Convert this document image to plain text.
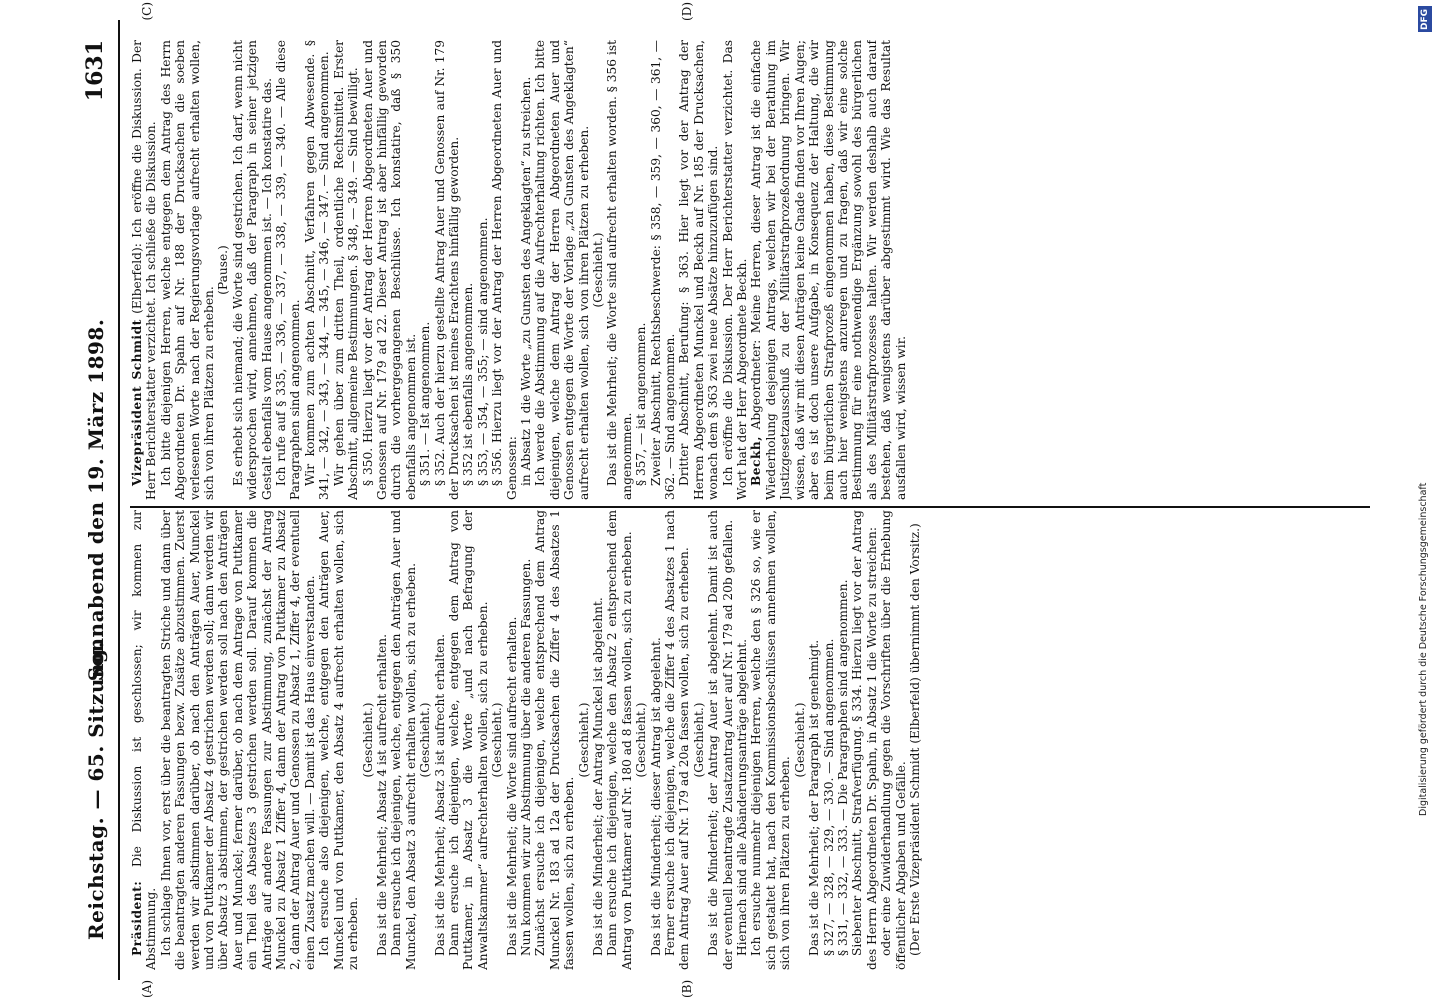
Reichstag. — 65. Sitzung.
Sonnabend den 19. März 1898.
1631
(A)	(B)
(C)	(D)

Präsident: Die Diskussion ist geschlossen; wir kommen zur Abstimmung. Ich schlage Ihnen vor, erst über die beantragten Striche und dann über die beantragten anderen Fassungen bezw. Zusätze abzustimmen. Zuerst werden wir abstimmen darüber, ob nach den Anträgen Auer, Munckel und von Puttkamer der Absatz 4 gestrichen werden soll; dann werden wir über Absatz 3 abstimmen, der gestrichen werden soll nach den Anträgen Auer und Munckel; ferner darüber, ob nach dem Antrage von Puttkamer ein Theil des Absatzes 3 gestrichen werden soll. Darauf kommen die Anträge auf andere Fassungen zur Abstimmung, zunächst der Antrag Munckel zu Absatz 1 Ziffer 4, dann der Antrag von Puttkamer zu Absatz 2, dann der Antrag Auer und Genossen zu Absatz 1, Ziffer 4, der eventuell einen Zusatz machen will. — Damit ist das Haus einverstanden. Ich ersuche also diejenigen, welche, entgegen den Anträgen Auer, Munckel und von Puttkamer, den Absatz 4 aufrecht erhalten wollen, sich zu erheben.

(Geschieht.) Das ist die Mehrheit; Absatz 4 ist aufrecht erhalten. Dann ersuche ich diejenigen, welche, entgegen den Anträgen Auer und Munckel, den Absatz 3 aufrecht erhalten wollen, sich zu erheben. (Geschieht.) Das ist die Mehrheit; Absatz 3 ist aufrecht erhalten. Dann ersuche ich diejenigen, welche, entgegen dem Antrag von Puttkamer, in Absatz 3 die Worte „und nach Befragung der Anwaltskammer“ aufrechterhalten wollen, sich zu erheben. (Geschieht.) Das ist die Mehrheit; die Worte sind aufrecht erhalten. Nun kommen wir zur Abstimmung über die anderen Fassungen. Zunächst ersuche ich diejenigen, welche entsprechend dem Antrag Munckel Nr. 183 ad 12a der Drucksachen die Ziffer 4 des Absatzes 1 fassen wollen, sich zu erheben.

(Geschieht.) Das ist die Minderheit; der Antrag Munckel ist abgelehnt. Dann ersuche ich diejenigen, welche den Absatz 2 entsprechend dem Antrag von Puttkamer auf Nr. 180 ad 8 fassen wollen, sich zu erheben. (Geschieht.) Das ist die Minderheit; dieser Antrag ist abgelehnt. Ferner ersuche ich diejenigen, welche die Ziffer 4 des Absatzes 1 nach dem Antrag Auer auf Nr. 179 ad 20a fassen wollen, sich zu erheben. (Geschieht.) Das ist die Minderheit; der Antrag Auer ist abgelehnt. Damit ist auch der eventuell beantragte Zusatzantrag Auer auf Nr. 179 ad 20b gefallen. Hiernach sind alle Abänderungsanträge abgelehnt. Ich ersuche nunmehr diejenigen Herren, welche den § 326 so, wie er sich gestaltet hat, nach den Kommissionsbeschlüssen annehmen wollen, sich von ihren Plätzen zu erheben.

(Geschieht.) Das ist die Mehrheit; der Paragraph ist genehmigt. § 327, — 328, — 329, — 330. — Sind angenommen. § 331, — 332, — 333. — Die Paragraphen sind angenommen. Siebenter Abschnitt, Strafverfügung. § 334. Hierzu liegt vor der Antrag des Herrn Abgeordneten Dr. Spahn, in Absatz 1 die Worte zu streichen: oder eine Zuwiderhandlung gegen die Vorschriften über die Erhebung öffentlicher Abgaben und Gefälle. (Der Erste Vizepräsident Schmidt (Elberfeld) übernimmt den Vorsitz.)

Vizepräsident Schmidt (Elberfeld): Ich eröffne die Diskussion. Der Herr Berichterstatter verzichtet. Ich schließe die Diskussion. Ich bitte diejenigen Herren, welche entgegen dem Antrag des Herrn Abgeordneten Dr. Spahn auf Nr. 188 der Drucksachen die soeben verlesenen Worte nach der Regierungsvorlage aufrecht erhalten wollen, sich von ihren Plätzen zu erheben.

(Pause.) Es erhebt sich niemand; die Worte sind gestrichen. Ich darf, wenn nicht widersprochen wird, annehmen, daß der Paragraph in seiner jetzigen Gestalt ebenfalls vom Hause angenommen ist. — Ich konstatire das. Ich rufe auf § 335, — 336, — 337, — 338, — 339, — 340. — Alle diese Paragraphen sind angenommen. Wir kommen zum achten Abschnitt, Verfahren gegen Abwesende. § 341, — 342, — 343, — 344, — 345, — 346, — 347. — Sind angenommen. Wir gehen über zum dritten Theil, ordentliche Rechtsmittel. Erster Abschnitt, allgemeine Bestimmungen. § 348, — 349. — Sind bewilligt. § 350. Hierzu liegt vor der Antrag der Herren Abgeordneten Auer und Genossen auf Nr. 179 ad 22. Dieser Antrag ist aber hinfällig geworden durch die vorhergegangenen Beschlüsse. Ich konstatire, daß § 350 ebenfalls angenommen ist. § 351. — Ist angenommen. § 352. Auch der hierzu gestellte Antrag Auer und Genossen auf Nr. 179 der Drucksachen ist meines Erachtens hinfällig geworden. § 352 ist ebenfalls angenommen. § 353, — 354, — 355; — sind angenommen. § 356. Hierzu liegt vor der Antrag der Herren Abgeordneten Auer und Genossen: in Absatz 1 die Worte „zu Gunsten des Angeklagten“ zu streichen. Ich werde die Abstimmung auf die Aufrechterhaltung richten. Ich bitte diejenigen, welche dem Antrag der Herren Abgeordneten Auer und Genossen entgegen die Worte der Vorlage „zu Gunsten des Angeklagten“ aufrecht erhalten wollen, sich von ihren Plätzen zu erheben. (Geschieht.) Das ist die Mehrheit; die Worte sind aufrecht erhalten worden. § 356 ist angenommen. § 357, — ist angenommen. Zweiter Abschnitt, Rechtsbeschwerde: § 358, — 359, — 360, — 361, — 362. — Sind angenommen. Dritter Abschnitt, Berufung: § 363. Hier liegt vor der Antrag der Herren Abgeordneten Munckel und Beckh auf Nr. 185 der Drucksachen, wonach dem § 363 zwei neue Absätze hinzuzufügen sind. Ich eröffne die Diskussion. Der Herr Berichterstatter verzichtet. Das Wort hat der Herr Abgeordnete Beckh. Beckh, Abgeordneter: Meine Herren, dieser Antrag ist die einfache Wiederholung desjenigen Antrags, welchen wir bei der Berathung im Justizgesetzausschuß zu der Militärstrafprozeßordnung bringen. Wir wissen, daß wir mit diesen Anträgen keine Gnade finden vor Ihren Augen; aber es ist doch unsere Aufgabe, in Konsequenz der Haltung, die wir beim bürgerlichen Strafprozeß eingenommen haben, diese Bestimmung auch hier wenigstens anzuregen und zu fragen, daß wir eine solche Bestimmung für eine nothwendige Ergänzung sowohl des bürgerlichen als des Militärstrafprozesses halten. Wir werden deshalb auch darauf bestehen, daß wenigstens darüber abgestimmt wird. Wie das Resultat ausfallen wird, wissen wir.

DFG
Digitalisierung gefördert durch die Deutsche Forschungsgemeinschaft
